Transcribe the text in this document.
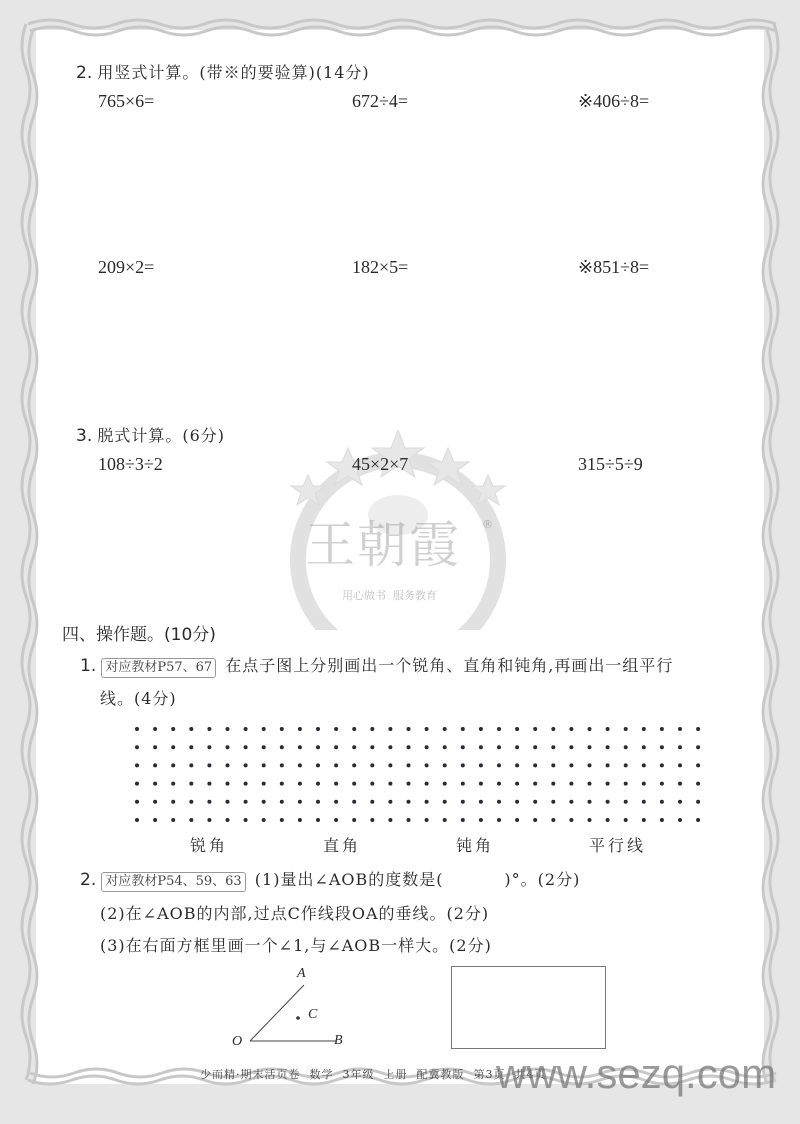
王朝霞 ®
用心做书  服务教育
2. 用竖式计算。(带※的要验算)(14分)
765×6=	672÷4=	※406÷8=
209×2=	182×5=	※851÷8=
3. 脱式计算。(6分)
108÷3÷2	45×2×7	315÷5÷9
四、操作题。(10分)
1. 对应教材P57、67 在点子图上分别画出一个锐角、直角和钝角,再画出一组平行
线。(4分)
锐角	直角	钝角	平行线
2. 对应教材P54、59、63 (1)量出∠AOB的度数是(          )°。(2分)
(2)在∠AOB的内部,过点C作线段OA的垂线。(2分)
(3)在右面方框里画一个∠1,与∠AOB一样大。(2分)
A
O	B
C
少而精·期末活页卷  数学  3年级  上册  配冀教版  第3页  共4页
www.sezq.com
